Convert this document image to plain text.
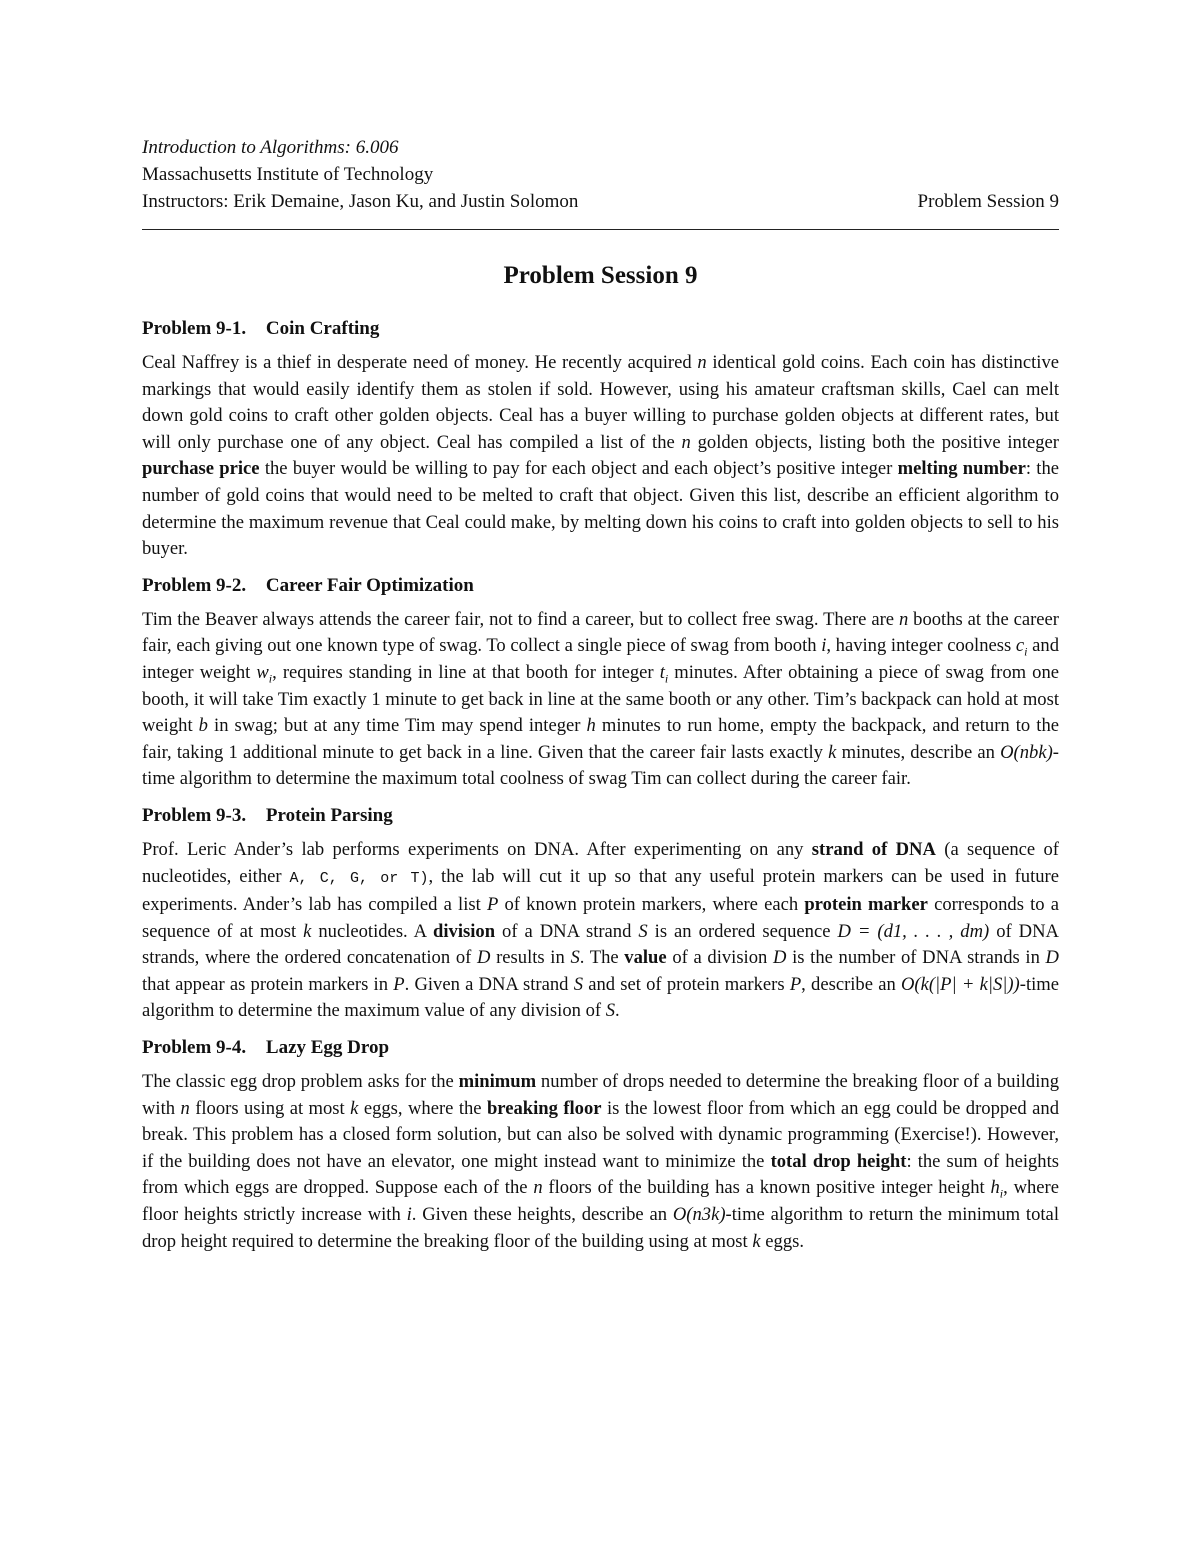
Introduction to Algorithms: 6.006
Massachusetts Institute of Technology
Instructors: Erik Demaine, Jason Ku, and Justin Solomon	Problem Session 9
Problem Session 9
Problem 9-1. Coin Crafting

Ceal Naffrey is a thief in desperate need of money. He recently acquired n identical gold coins. Each coin has distinctive markings that would easily identify them as stolen if sold. However, using his amateur craftsman skills, Cael can melt down gold coins to craft other golden objects. Ceal has a buyer willing to purchase golden objects at different rates, but will only purchase one of any object. Ceal has compiled a list of the n golden objects, listing both the positive integer purchase price the buyer would be willing to pay for each object and each object’s positive integer melting number: the number of gold coins that would need to be melted to craft that object. Given this list, describe an efficient algorithm to determine the maximum revenue that Ceal could make, by melting down his coins to craft into golden objects to sell to his buyer.

Problem 9-2. Career Fair Optimization

Tim the Beaver always attends the career fair, not to find a career, but to collect free swag. There are n booths at the career fair, each giving out one known type of swag. To collect a single piece of swag from booth i, having integer coolness $c_i$ and integer weight $w_i$, requires standing in line at that booth for integer $t_i$ minutes. After obtaining a piece of swag from one booth, it will take Tim exactly 1 minute to get back in line at the same booth or any other. Tim’s backpack can hold at most weight b in swag; but at any time Tim may spend integer h minutes to run home, empty the backpack, and return to the fair, taking 1 additional minute to get back in a line. Given that the career fair lasts exactly k minutes, describe an O(nbk)-time algorithm to determine the maximum total coolness of swag Tim can collect during the career fair.

Problem 9-3. Protein Parsing

Prof. Leric Ander’s lab performs experiments on DNA. After experimenting on any strand of DNA (a sequence of nucleotides, either A, C, G, or T), the lab will cut it up so that any useful protein markers can be used in future experiments. Ander’s lab has compiled a list P of known protein markers, where each protein marker corresponds to a sequence of at most k nucleotides. A division of a DNA strand S is an ordered sequence D = (d1, . . . , dm) of DNA strands, where the ordered concatenation of D results in S. The value of a division D is the number of DNA strands in D that appear as protein markers in P. Given a DNA strand S and set of protein markers P, describe an O(k(|P| + k|S|))-time algorithm to determine the maximum value of any division of S.

Problem 9-4. Lazy Egg Drop

The classic egg drop problem asks for the minimum number of drops needed to determine the breaking floor of a building with n floors using at most k eggs, where the breaking floor is the lowest floor from which an egg could be dropped and break. This problem has a closed form solution, but can also be solved with dynamic programming (Exercise!). However, if the building does not have an elevator, one might instead want to minimize the total drop height: the sum of heights from which eggs are dropped. Suppose each of the n floors of the building has a known positive integer height $h_i$, where floor heights strictly increase with i. Given these heights, describe an O(n3k)-time algorithm to return the minimum total drop height required to determine the breaking floor of the building using at most k eggs.
